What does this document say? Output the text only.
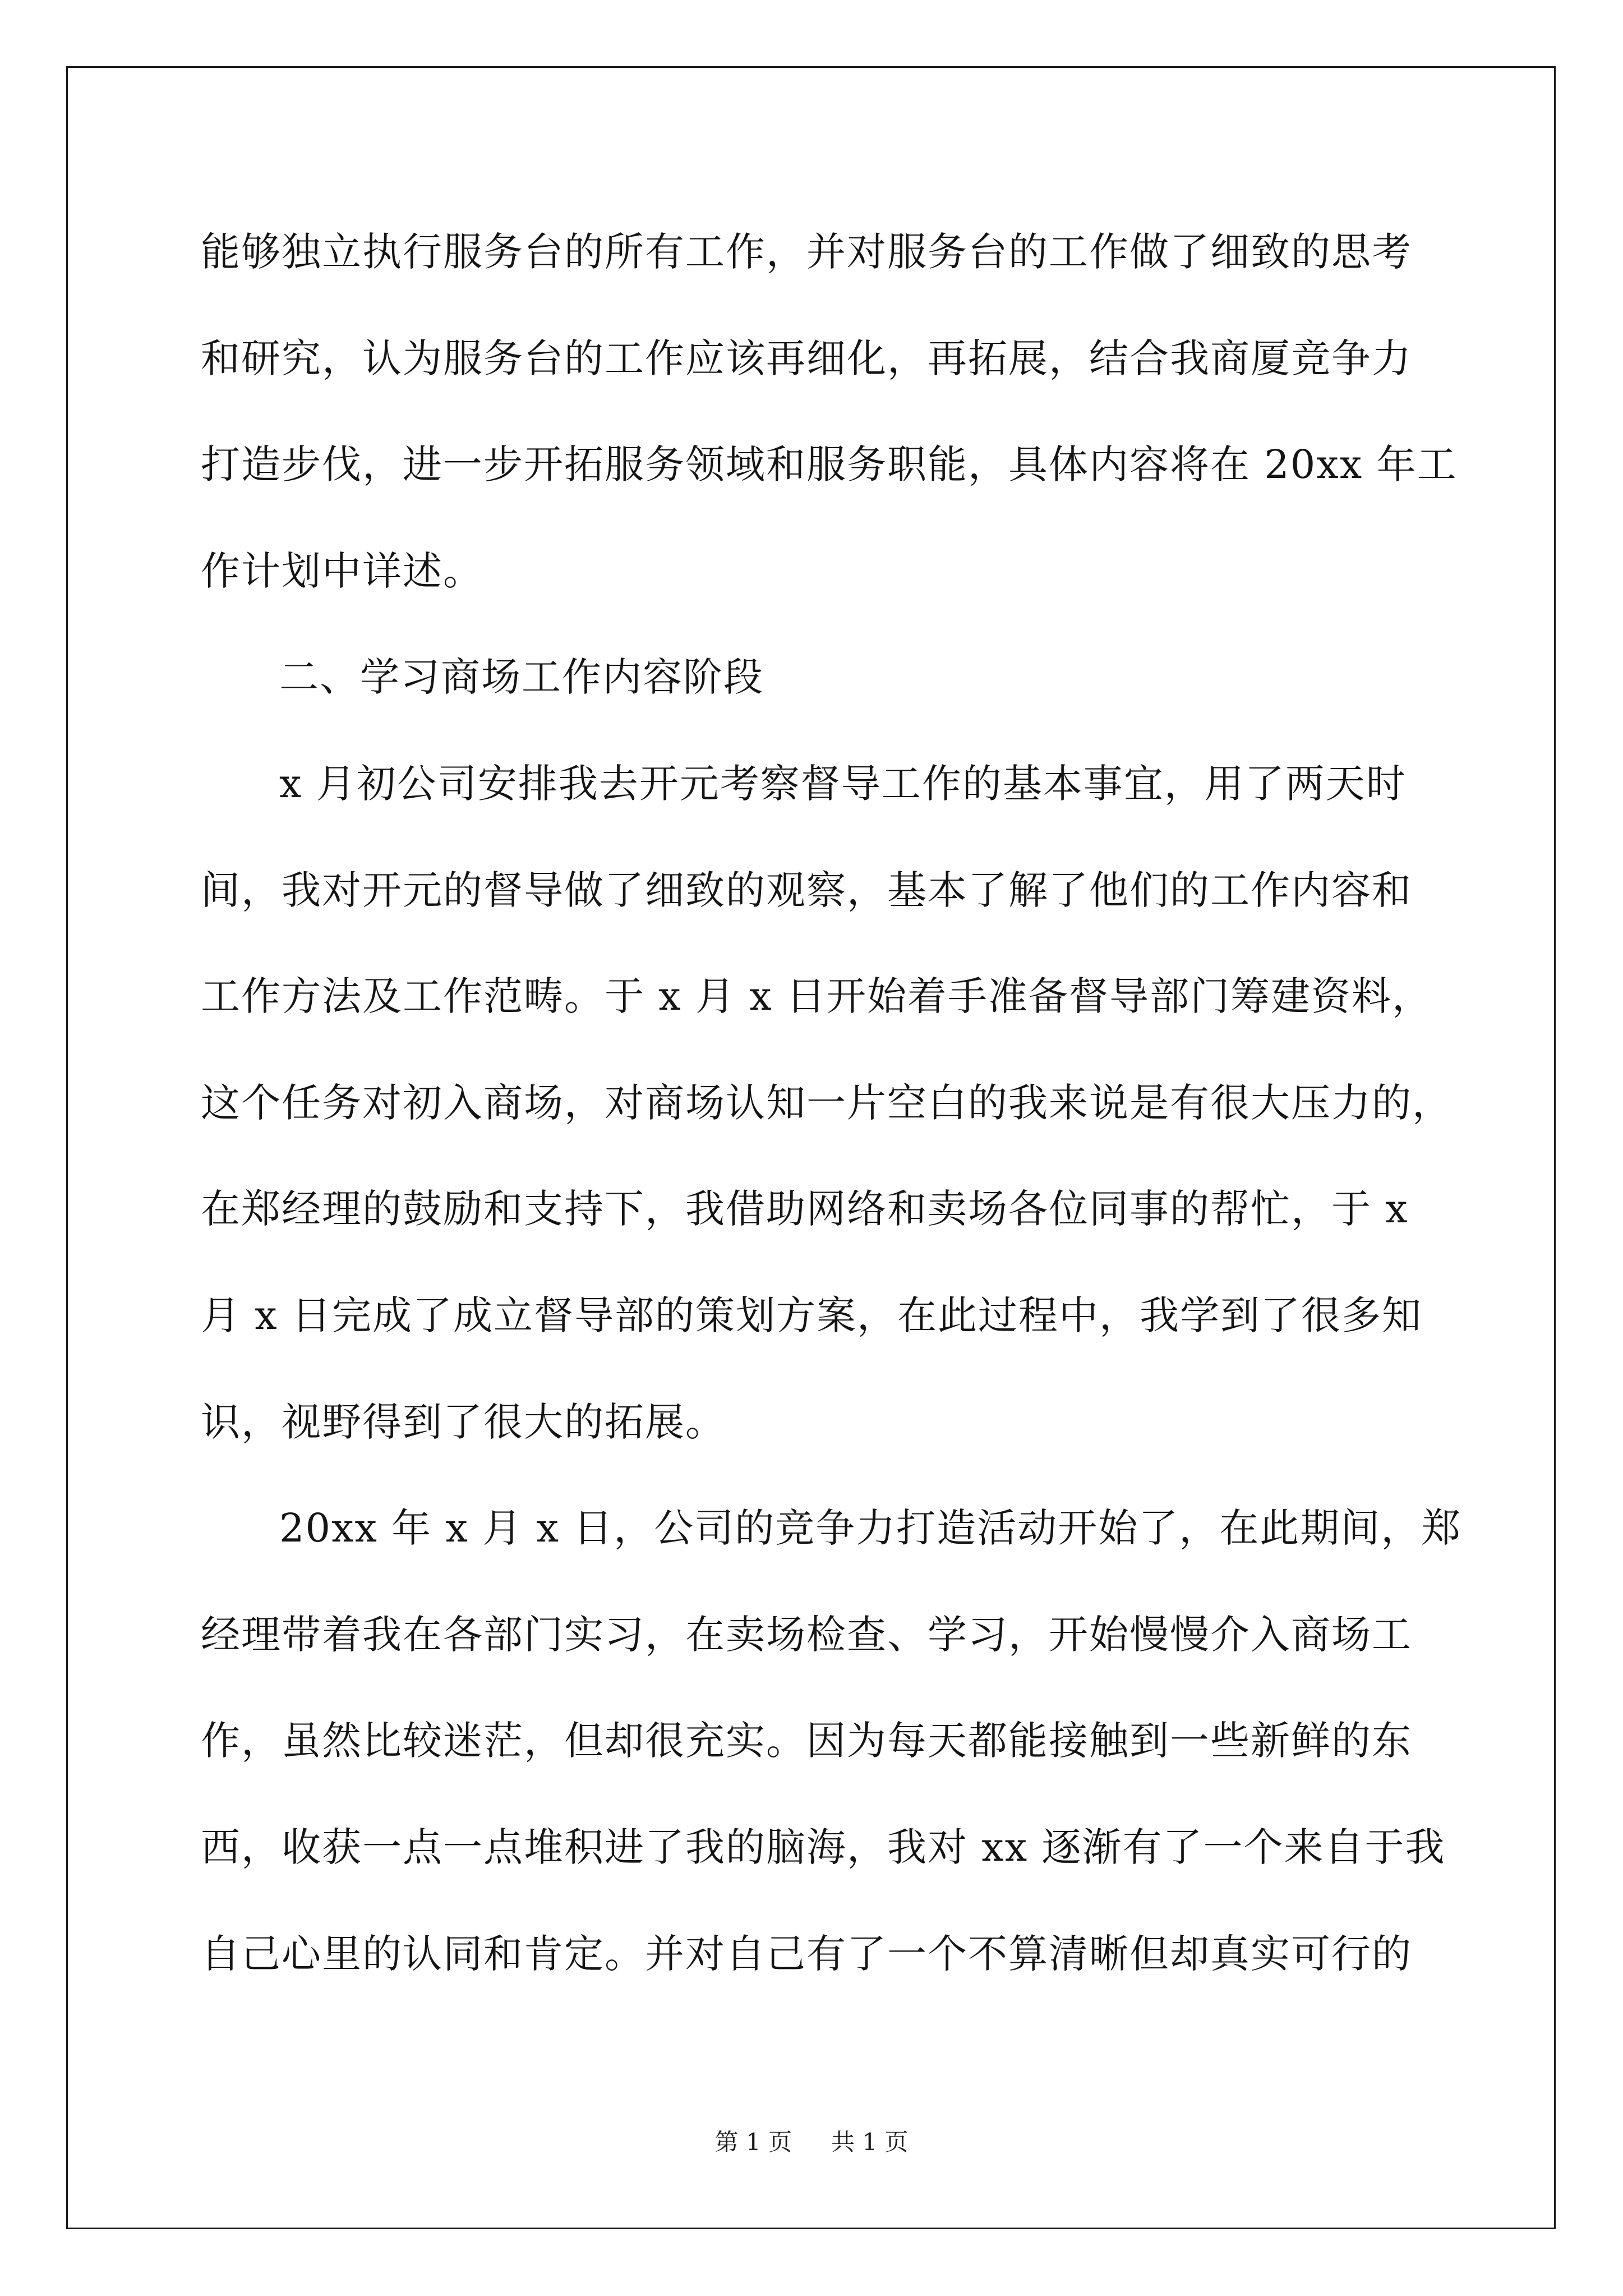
能够独立执行服务台的所有工作，并对服务台的工作做了细致的思考
和研究，认为服务台的工作应该再细化，再拓展，结合我商厦竞争力
打造步伐，进一步开拓服务领域和服务职能，具体内容将在 20xx 年工
作计划中详述。
二、学习商场工作内容阶段
x 月初公司安排我去开元考察督导工作的基本事宜，用了两天时
间，我对开元的督导做了细致的观察，基本了解了他们的工作内容和
工作方法及工作范畴。于 x 月 x 日开始着手准备督导部门筹建资料，
这个任务对初入商场，对商场认知一片空白的我来说是有很大压力的，
在郑经理的鼓励和支持下，我借助网络和卖场各位同事的帮忙，于 x
月 x 日完成了成立督导部的策划方案，在此过程中，我学到了很多知
识，视野得到了很大的拓展。
20xx 年 x 月 x 日，公司的竞争力打造活动开始了，在此期间，郑
经理带着我在各部门实习，在卖场检查、学习，开始慢慢介入商场工
作，虽然比较迷茫，但却很充实。因为每天都能接触到一些新鲜的东
西，收获一点一点堆积进了我的脑海，我对 xx 逐渐有了一个来自于我
自己心里的认同和肯定。并对自己有了一个不算清晰但却真实可行的
第 1 页 共 1 页
